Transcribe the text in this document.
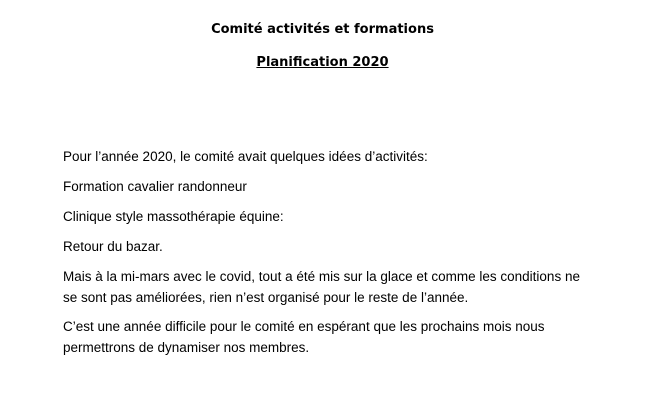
Comité activités et formations
Planification 2020

Pour l’année 2020, le comité avait quelques idées d’activités:

Formation cavalier randonneur

Clinique style massothérapie équine:

Retour du bazar.

Mais à la mi-mars avec le covid, tout a été mis sur la glace et comme les conditions ne se sont pas améliorées, rien n’est organisé pour le reste de l’année.

C’est une année difficile pour le comité en espérant que les prochains mois nous permettrons de dynamiser nos membres.
